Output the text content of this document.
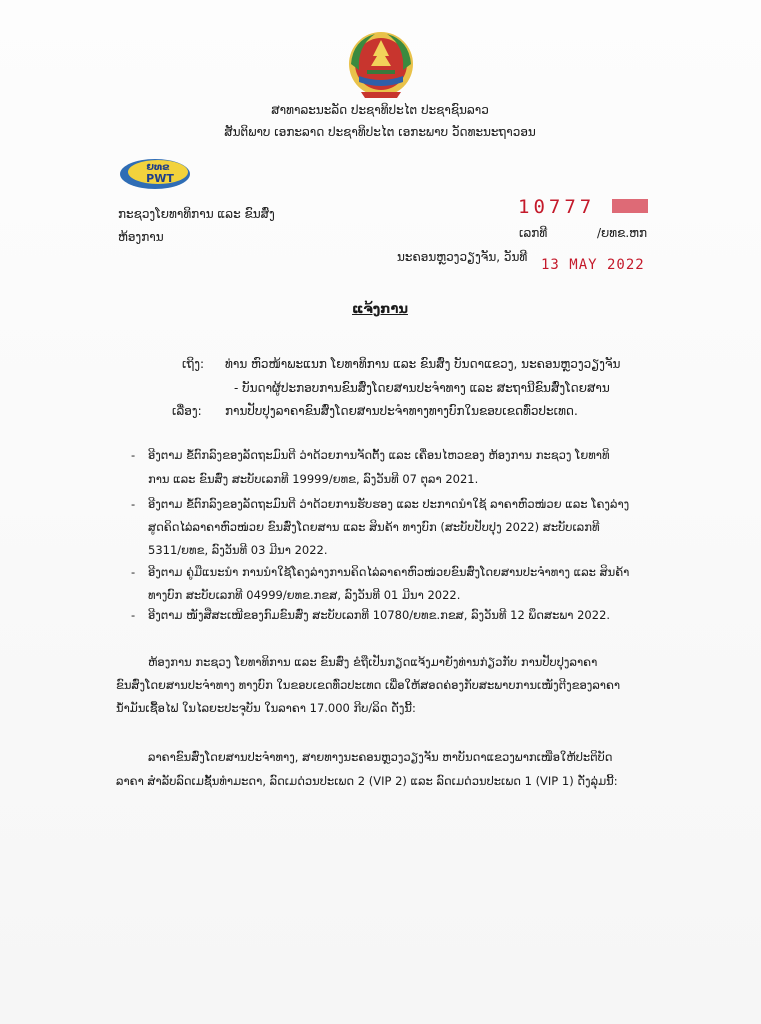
ສາທາລະນະລັດ ປະຊາທິປະໄຕ ປະຊາຊົນລາວ
ສັນຕິພາບ ເອກະລາດ ປະຊາທິປະໄຕ ເອກະພາບ ວັດທະນະຖາວອນ
ຍທຂ
PWT
ກະຊວງໂຍທາທິການ ແລະ ຂົນສົ່ງ
ຫ້ອງການ
10777
ເລກທີ	/ຍທຂ.ຫກ
ນະຄອນຫຼວງວຽງຈັນ, ວັນທີ 13 MAY 2022
ແຈ້ງການ
ເຖິງ: ທ່ານ ຫົວໜ້າພະແນກ ໂຍທາທິການ ແລະ ຂົນສົ່ງ ບັນດາແຂວງ, ນະຄອນຫຼວງວຽງຈັນ
- ບັນດາຜູ້ປະກອບການຂົນສົ່ງໂດຍສານປະຈຳທາງ ແລະ ສະຖານີຂົນສົ່ງໂດຍສານ
ເລື່ອງ: ການປັບປຸງລາຄາຂົນສົ່ງໂດຍສານປະຈຳທາງທາງບົກໃນຂອບເຂດທົ່ວປະເທດ.
- ອີງຕາມ ຂໍ້ຕົກລົງຂອງລັດຖະມົນຕີ ວ່າດ້ວຍການຈັດຕັ້ງ ແລະ ເຄື່ອນໄຫວຂອງ ຫ້ອງການ ກະຊວງ ໂຍທາທິ
ການ ແລະ ຂົນສົ່ງ ສະບັບເລກທີ 19999/ຍທຂ, ລົງວັນທີ 07 ຕຸລາ 2021.
- ອີງຕາມ ຂໍ້ຕົກລົງຂອງລັດຖະມົນຕີ ວ່າດ້ວຍການຮັບຮອງ ແລະ ປະກາດນຳໃຊ້ ລາຄາຫົວໜ່ວຍ ແລະ ໂຄງລ່າງ
ສູດຄິດໄລ່ລາຄາຫົວໜ່ວຍ ຂົນສົ່ງໂດຍສານ ແລະ ສິນຄ້າ ທາງບົກ (ສະບັບປັບປຸງ 2022) ສະບັບເລກທີ
5311/ຍທຂ, ລົງວັນທີ 03 ມີນາ 2022.
- ອີງຕາມ ຄູ່ມືແນະນຳ ການນຳໃຊ້ໂຄງລ່າງການຄິດໄລ່ລາຄາຫົວໜ່ວຍຂົນສົ່ງໂດຍສານປະຈຳທາງ ແລະ ສິນຄ້າ
ທາງບົກ ສະບັບເລກທີ 04999/ຍທຂ.ກຂສ, ລົງວັນທີ 01 ມີນາ 2022.
- ອີງຕາມ ໜັງສືສະເໜີຂອງກົມຂົນສົ່ງ ສະບັບເລກທີ 10780/ຍທຂ.ກຂສ, ລົງວັນທີ 12 ພຶດສະພາ 2022.
ຫ້ອງການ ກະຊວງ ໂຍທາທິການ ແລະ ຂົນສົ່ງ ຂໍຖືເປັນກຽດແຈ້ງມາຍັງທ່ານກ່ຽວກັບ ການປັບປຸງລາຄາ
ຂົນສົ່ງໂດຍສານປະຈຳທາງ ທາງບົກ ໃນຂອບເຂດທົ່ວປະເທດ ເພື່ອໃຫ້ສອດຄ່ອງກັບສະພາບການເໜັງຕີງຂອງລາຄາ
ນ້ຳມັນເຊື້ອໄຟ ໃນໄລຍະປະຈຸບັນ ໃນລາຄາ 17.000 ກີບ/ລິດ ດັ່ງນີ້:
ລາຄາຂົນສົ່ງໂດຍສານປະຈຳທາງ, ສາຍທາງນະຄອນຫຼວງວຽງຈັນ ຫາບັນດາແຂວງພາກເໜືອໃຫ້ປະຕິບັດ
ລາຄາ ສຳລັບລົດເມຊັ້ນທຳມະດາ, ລົດເມດ່ວນປະເພດ 2 (VIP 2) ແລະ ລົດເມດ່ວນປະເພດ 1 (VIP 1) ດັ່ງລຸ່ມນີ້:
